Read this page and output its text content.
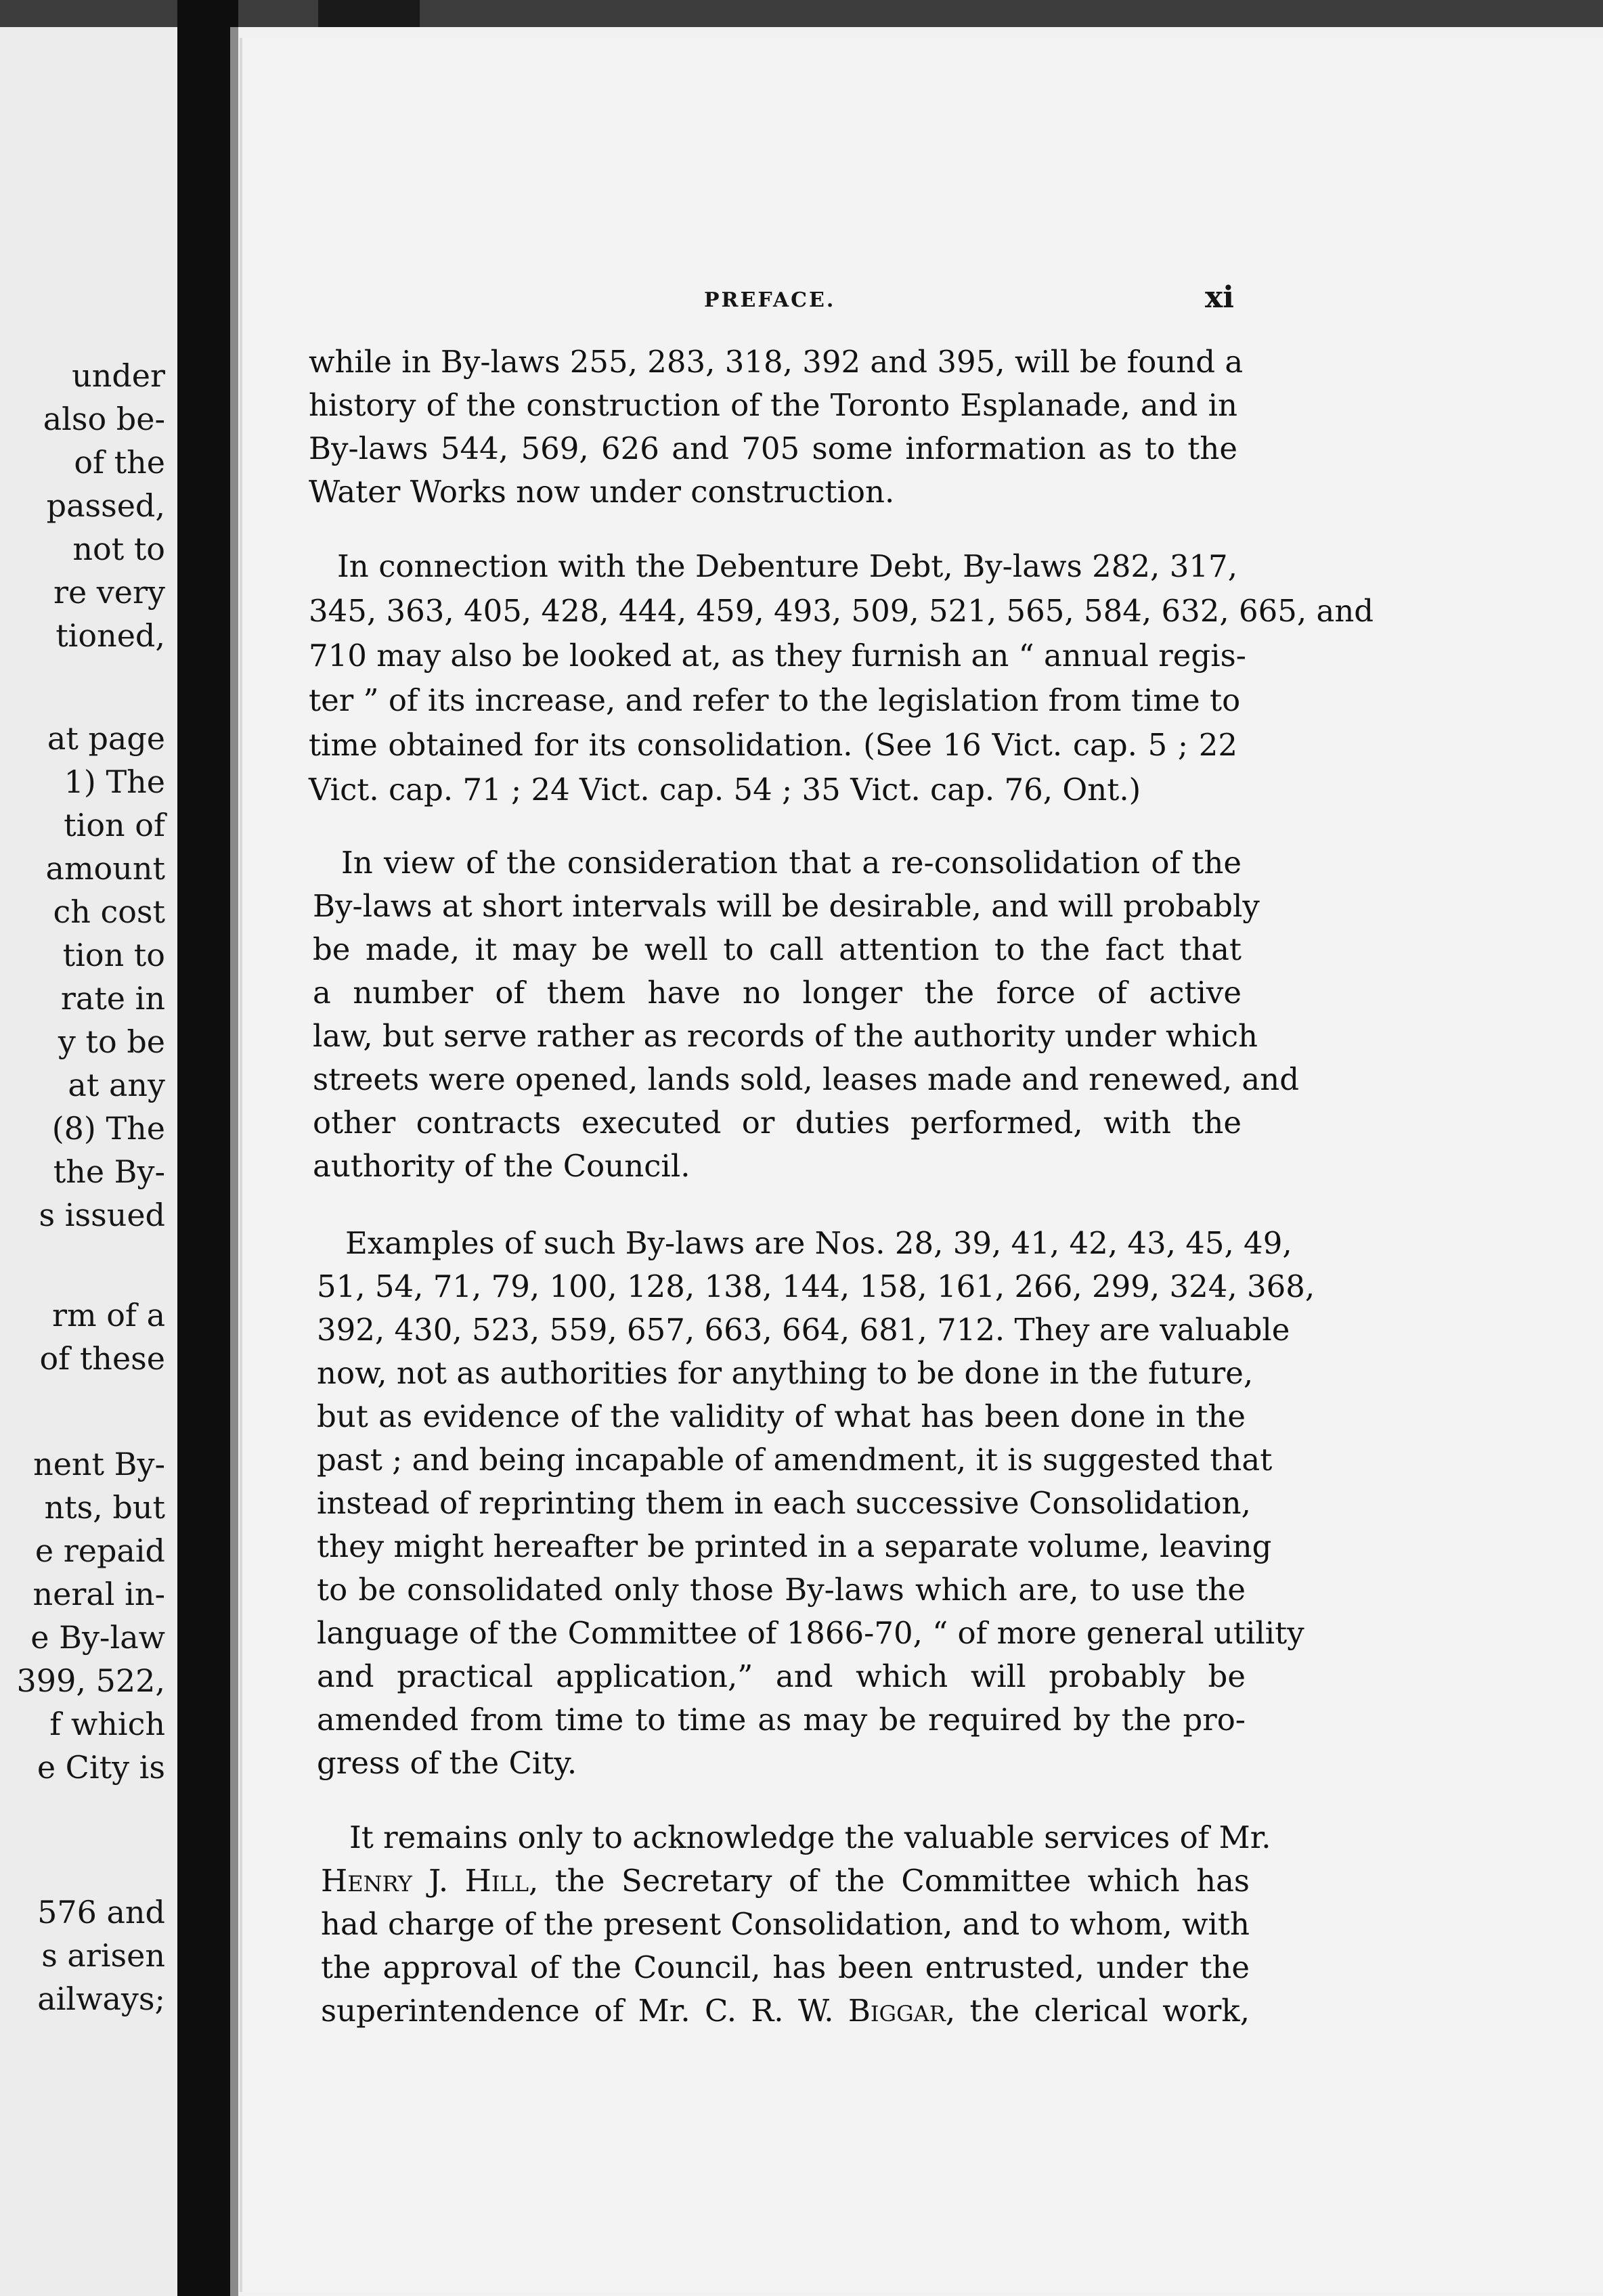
under
also be-
of the
passed,
not to
re very
tioned,
at page
1) The
tion of
amount
ch cost
tion to
rate in
y to be
at any
(8) The
the By-
s issued
rm of a
of these
nent By-
nts, but
e repaid
neral in-
e By-law
399, 522,
f which
e City is
576 and
s arisen
ailways;
PREFACE.	xi
while in By-laws 255, 283, 318, 392 and 395, will be found a
history of the construction of the Toronto Esplanade, and in
By-laws 544, 569, 626 and 705 some information as to the
Water Works now under construction.
In connection with the Debenture Debt, By-laws 282, 317,
345, 363, 405, 428, 444, 459, 493, 509, 521, 565, 584, 632, 665, and
710 may also be looked at, as they furnish an “ annual regis-
ter ” of its increase, and refer to the legislation from time to
time obtained for its consolidation. (See 16 Vict. cap. 5 ; 22
Vict. cap. 71 ; 24 Vict. cap. 54 ; 35 Vict. cap. 76, Ont.)
In view of the consideration that a re-consolidation of the
By-laws at short intervals will be desirable, and will probably
be made, it may be well to call attention to the fact that
a number of them have no longer the force of active
law, but serve rather as records of the authority under which
streets were opened, lands sold, leases made and renewed, and
other contracts executed or duties performed, with the
authority of the Council.
Examples of such By-laws are Nos. 28, 39, 41, 42, 43, 45, 49,
51, 54, 71, 79, 100, 128, 138, 144, 158, 161, 266, 299, 324, 368,
392, 430, 523, 559, 657, 663, 664, 681, 712. They are valuable
now, not as authorities for anything to be done in the future,
but as evidence of the validity of what has been done in the
past ; and being incapable of amendment, it is suggested that
instead of reprinting them in each successive Consolidation,
they might hereafter be printed in a separate volume, leaving
to be consolidated only those By-laws which are, to use the
language of the Committee of 1866-70, “ of more general utility
and practical application,” and which will probably be
amended from time to time as may be required by the pro-
gress of the City.
It remains only to acknowledge the valuable services of Mr.
Henry J. Hill, the Secretary of the Committee which has
had charge of the present Consolidation, and to whom, with
the approval of the Council, has been entrusted, under the
superintendence of Mr. C. R. W. Biggar, the clerical work,
